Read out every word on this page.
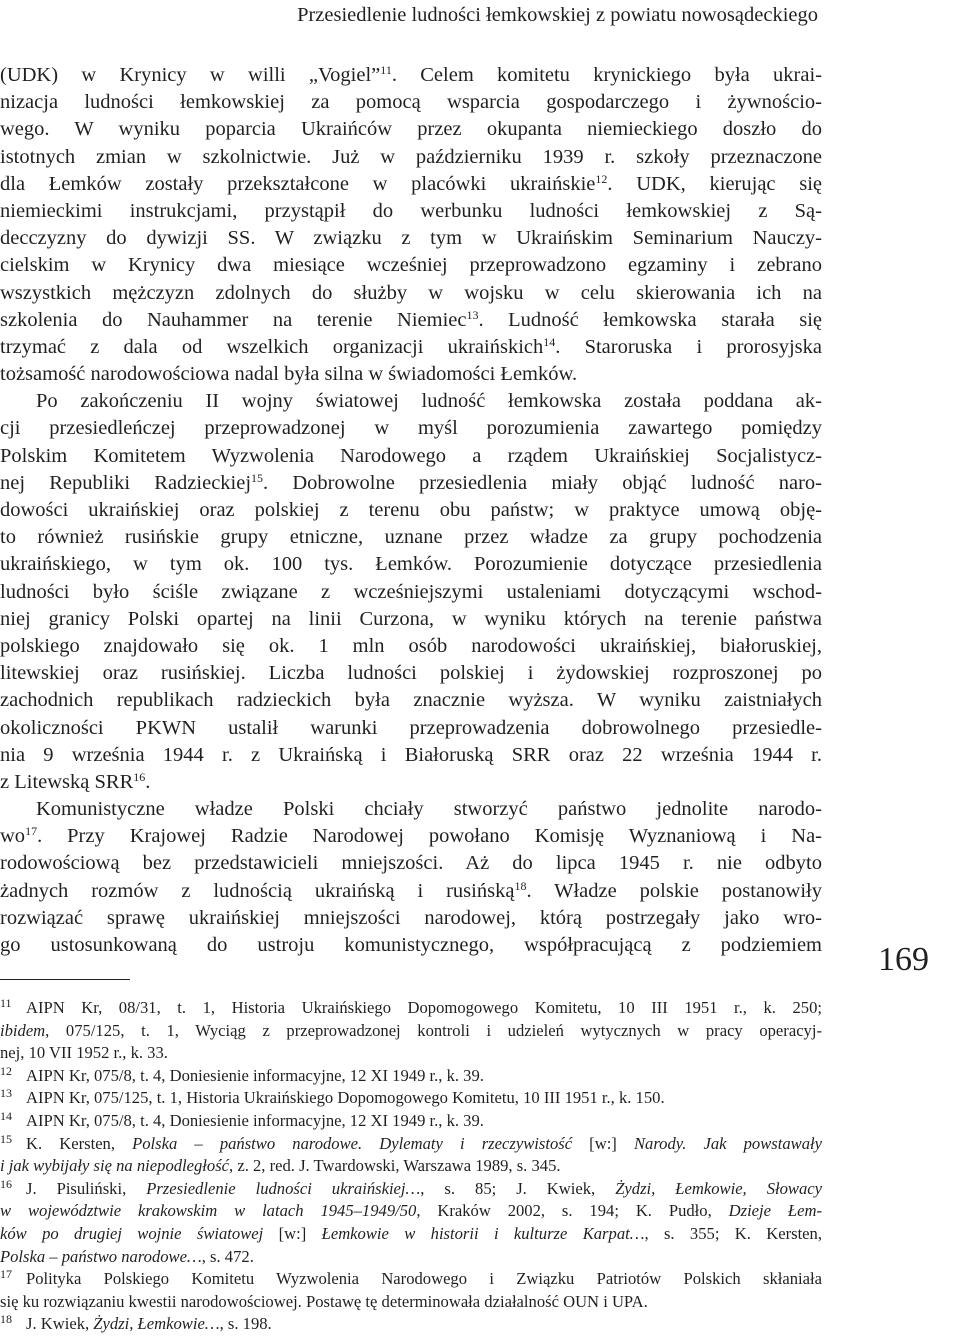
Przesiedlenie ludności łemkowskiej z powiatu nowosądeckiego
(UDK) w Krynicy w willi „Vogiel”$^{11}$. Celem komitetu krynickiego była ukrai-
nizacja ludności łemkowskiej za pomocą wsparcia gospodarczego i żywnościo-
wego. W wyniku poparcia Ukraińców przez okupanta niemieckiego doszło do
istotnych zmian w szkolnictwie. Już w październiku 1939 r. szkoły przeznaczone
dla Łemków zostały przekształcone w placówki ukraińskie$^{12}$. UDK, kierując się
niemieckimi instrukcjami, przystąpił do werbunku ludności łemkowskiej z Są-
decczyzny do dywizji SS. W związku z tym w Ukraińskim Seminarium Nauczy-
cielskim w Krynicy dwa miesiące wcześniej przeprowadzono egzaminy i zebrano
wszystkich mężczyzn zdolnych do służby w wojsku w celu skierowania ich na
szkolenia do Nauhammer na terenie Niemiec$^{13}$. Ludność łemkowska starała się
trzymać z dala od wszelkich organizacji ukraińskich$^{14}$. Staroruska i prorosyjska
tożsamość narodowościowa nadal była silna w świadomości Łemków.
Po zakończeniu II wojny światowej ludność łemkowska została poddana ak-
cji przesiedleńczej przeprowadzonej w myśl porozumienia zawartego pomiędzy
Polskim Komitetem Wyzwolenia Narodowego a rządem Ukraińskiej Socjalistycz-
nej Republiki Radzieckiej$^{15}$. Dobrowolne przesiedlenia miały objąć ludność naro-
dowości ukraińskiej oraz polskiej z terenu obu państw; w praktyce umową obję-
to również rusińskie grupy etniczne, uznane przez władze za grupy pochodzenia
ukraińskiego, w tym ok. 100 tys. Łemków. Porozumienie dotyczące przesiedlenia
ludności było ściśle związane z wcześniejszymi ustaleniami dotyczącymi wschod-
niej granicy Polski opartej na linii Curzona, w wyniku których na terenie państwa
polskiego znajdowało się ok. 1 mln osób narodowości ukraińskiej, białoruskiej,
litewskiej oraz rusińskiej. Liczba ludności polskiej i żydowskiej rozproszonej po
zachodnich republikach radzieckich była znacznie wyższa. W wyniku zaistniałych
okoliczności PKWN ustalił warunki przeprowadzenia dobrowolnego przesiedle-
nia 9 września 1944 r. z Ukraińską i Białoruską SRR oraz 22 września 1944 r.
z Litewską SRR$^{16}$.
Komunistyczne władze Polski chciały stworzyć państwo jednolite narodo-
$wo^{17}$. Przy Krajowej Radzie Narodowej powołano Komisję Wyznaniową i Na-
rodowościową bez przedstawicieli mniejszości. Aż do lipca 1945 r. nie odbyto
żadnych rozmów z ludnością ukraińską i rusińską$^{18}$. Władze polskie postanowiły
rozwiązać sprawę ukraińskiej mniejszości narodowej, którą postrzegały jako wro-
go ustosunkowaną do ustroju komunistycznego, współpracującą z podziemiem 169
11 AIPN Kr, 08/31, t. 1, Historia Ukraińskiego Dopomogowego Komitetu, 10 III 1951 r., k. 250;
ibidem, 075/125, t. 1, Wyciąg z przeprowadzonej kontroli i udzieleń wytycznych w pracy operacyj-
nej, 10 VII 1952 r., k. 33.
12 AIPN Kr, 075/8, t. 4, Doniesienie informacyjne, 12 XI 1949 r., k. 39.
13 AIPN Kr, 075/125, t. 1, Historia Ukraińskiego Dopomogowego Komitetu, 10 III 1951 r., k. 150.
14 AIPN Kr, 075/8, t. 4, Doniesienie informacyjne, 12 XI 1949 r., k. 39.
15 K. Kersten, Polska – państwo narodowe. Dylematy i rzeczywistość [w:] Narody. Jak powstawały
i jak wybijały się na niepodległość, z. 2, red. J. Twardowski, Warszawa 1989, s. 345.
16 J. Pisuliński, Przesiedlenie ludności ukraińskiej…, s. 85; J. Kwiek, Żydzi, Łemkowie, Słowacy
w województwie krakowskim w latach 1945–1949/50, Kraków 2002, s. 194; K. Pudło, Dzieje Łem-
ków po drugiej wojnie światowej [w:] Łemkowie w historii i kulturze Karpat…, s. 355; K. Kersten,
Polska – państwo narodowe…, s. 472.
17 Polityka Polskiego Komitetu Wyzwolenia Narodowego i Związku Patriotów Polskich skłaniała
się ku rozwiązaniu kwestii narodowościowej. Postawę tę determinowała działalność OUN i UPA.
18 J. Kwiek, Żydzi, Łemkowie…, s. 198.
